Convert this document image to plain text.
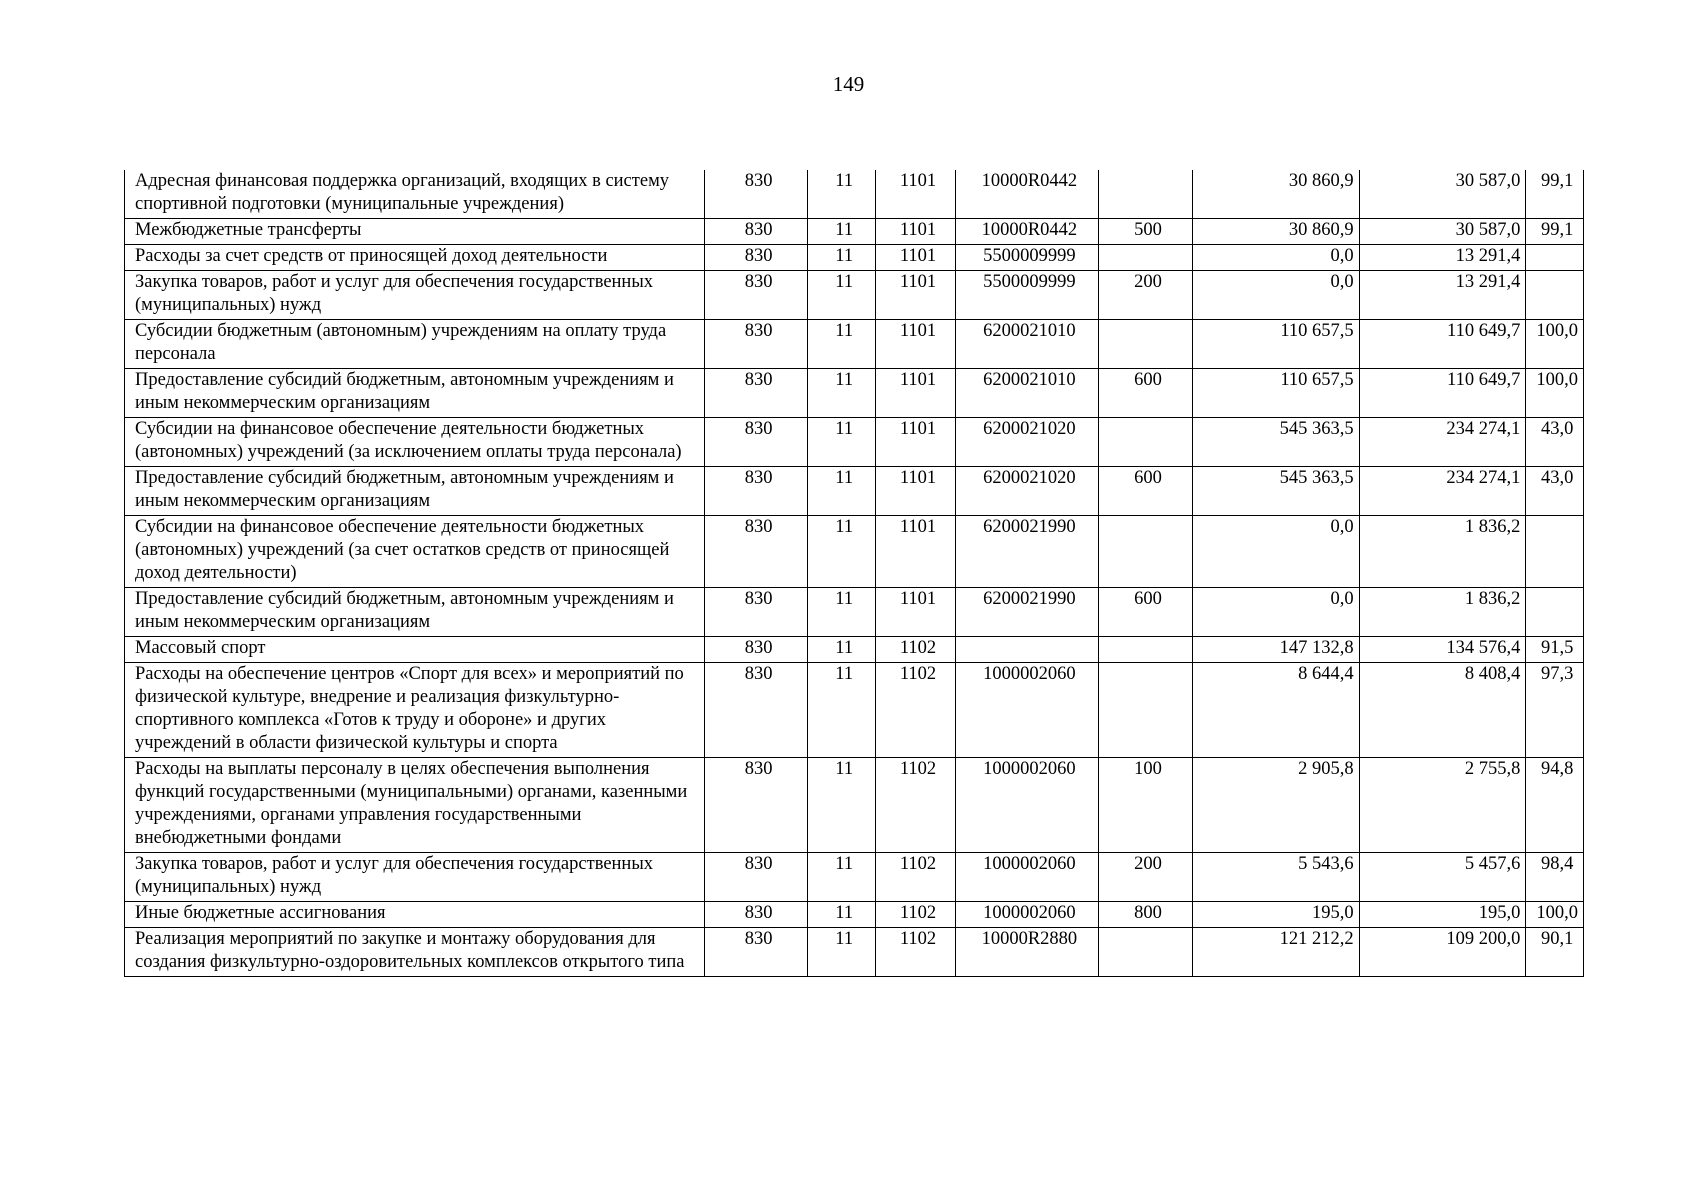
149
Адресная финансовая поддержка организаций, входящих в систему спортивной подготовки (муниципальные учреждения)	830	11	1101	10000R0442		30 860,9	30 587,0	99,1
Межбюджетные трансферты	830	11	1101	10000R0442	500	30 860,9	30 587,0	99,1
Расходы за счет средств от приносящей доход деятельности	830	11	1101	5500009999		0,0	13 291,4	
Закупка товаров, работ и услуг для обеспечения государственных (муниципальных) нужд	830	11	1101	5500009999	200	0,0	13 291,4	
Субсидии бюджетным (автономным) учреждениям на оплату труда персонала	830	11	1101	6200021010		110 657,5	110 649,7	100,0
Предоставление субсидий бюджетным, автономным учреждениям и иным некоммерческим организациям	830	11	1101	6200021010	600	110 657,5	110 649,7	100,0
Субсидии на финансовое обеспечение деятельности бюджетных (автономных) учреждений (за исключением оплаты труда персонала)	830	11	1101	6200021020		545 363,5	234 274,1	43,0
Предоставление субсидий бюджетным, автономным учреждениям и иным некоммерческим организациям	830	11	1101	6200021020	600	545 363,5	234 274,1	43,0
Субсидии на финансовое обеспечение деятельности бюджетных (автономных) учреждений (за счет остатков средств от приносящей доход деятельности)	830	11	1101	6200021990		0,0	1 836,2	
Предоставление субсидий бюджетным, автономным учреждениям и иным некоммерческим организациям	830	11	1101	6200021990	600	0,0	1 836,2	
Массовый спорт	830	11	1102			147 132,8	134 576,4	91,5
Расходы на обеспечение центров «Спорт для всех» и мероприятий по физической культуре, внедрение и реализация физкультурно-спортивного комплекса «Готов к труду и обороне» и других учреждений в области физической культуры и спорта	830	11	1102	1000002060		8 644,4	8 408,4	97,3
Расходы на выплаты персоналу в целях обеспечения выполнения функций государственными (муниципальными) органами, казенными учреждениями, органами управления государственными внебюджетными фондами	830	11	1102	1000002060	100	2 905,8	2 755,8	94,8
Закупка товаров, работ и услуг для обеспечения государственных (муниципальных) нужд	830	11	1102	1000002060	200	5 543,6	5 457,6	98,4
Иные бюджетные ассигнования	830	11	1102	1000002060	800	195,0	195,0	100,0
Реализация мероприятий по закупке и монтажу оборудования для создания физкультурно-оздоровительных комплексов открытого типа	830	11	1102	10000R2880		121 212,2	109 200,0	90,1
